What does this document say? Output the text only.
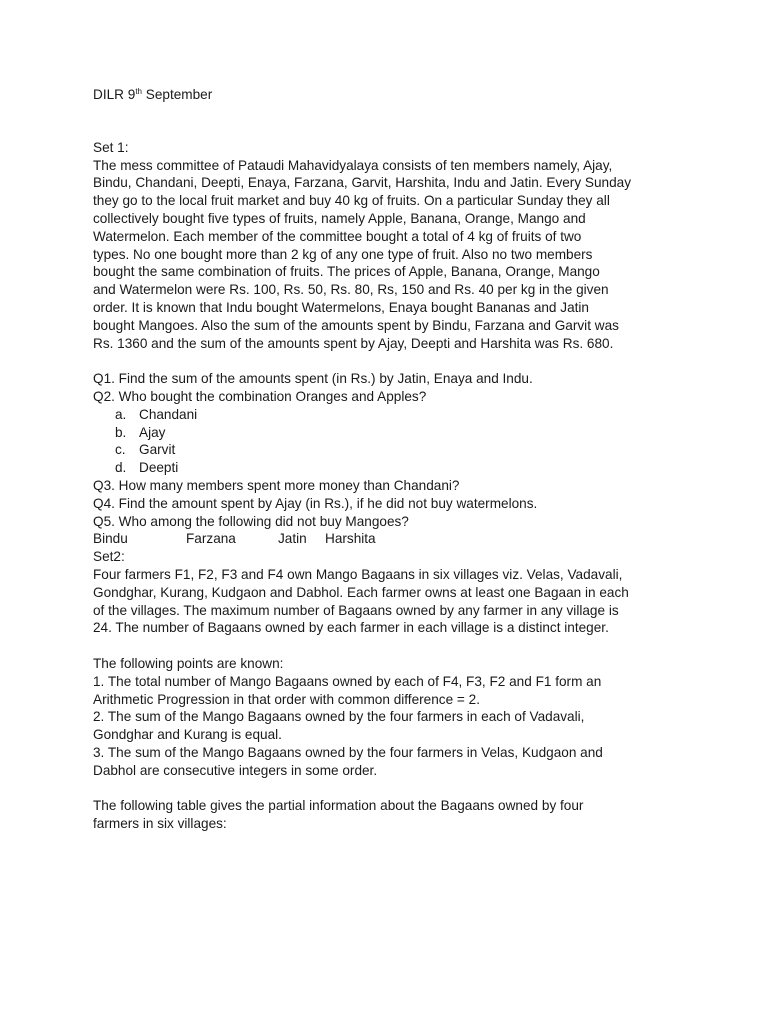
DILR 9th September
Set 1:
The mess committee of Pataudi Mahavidyalaya consists of ten members namely, Ajay,
Bindu, Chandani, Deepti, Enaya, Farzana, Garvit, Harshita, Indu and Jatin. Every Sunday
they go to the local fruit market and buy 40 kg of fruits. On a particular Sunday they all
collectively bought five types of fruits, namely Apple, Banana, Orange, Mango and
Watermelon. Each member of the committee bought a total of 4 kg of fruits of two
types. No one bought more than 2 kg of any one type of fruit. Also no two members
bought the same combination of fruits. The prices of Apple, Banana, Orange, Mango
and Watermelon were Rs. 100, Rs. 50, Rs. 80, Rs, 150 and Rs. 40 per kg in the given
order. It is known that Indu bought Watermelons, Enaya bought Bananas and Jatin
bought Mangoes. Also the sum of the amounts spent by Bindu, Farzana and Garvit was
Rs. 1360 and the sum of the amounts spent by Ajay, Deepti and Harshita was Rs. 680.
Q1. Find the sum of the amounts spent (in Rs.) by Jatin, Enaya and Indu.
Q2. Who bought the combination Oranges and Apples?
a. Chandani
b. Ajay
c. Garvit
d. Deepti
Q3. How many members spent more money than Chandani?
Q4. Find the amount spent by Ajay (in Rs.), if he did not buy watermelons.
Q5. Who among the following did not buy Mangoes?
Bindu	Farzana	Jatin Harshita
Set2:
Four farmers F1, F2, F3 and F4 own Mango Bagaans in six villages viz. Velas, Vadavali,
Gondghar, Kurang, Kudgaon and Dabhol. Each farmer owns at least one Bagaan in each
of the villages. The maximum number of Bagaans owned by any farmer in any village is
24. The number of Bagaans owned by each farmer in each village is a distinct integer.
The following points are known:
1. The total number of Mango Bagaans owned by each of F4, F3, F2 and F1 form an
Arithmetic Progression in that order with common difference = 2.
2. The sum of the Mango Bagaans owned by the four farmers in each of Vadavali,
Gondghar and Kurang is equal.
3. The sum of the Mango Bagaans owned by the four farmers in Velas, Kudgaon and
Dabhol are consecutive integers in some order.
The following table gives the partial information about the Bagaans owned by four
farmers in six villages:
